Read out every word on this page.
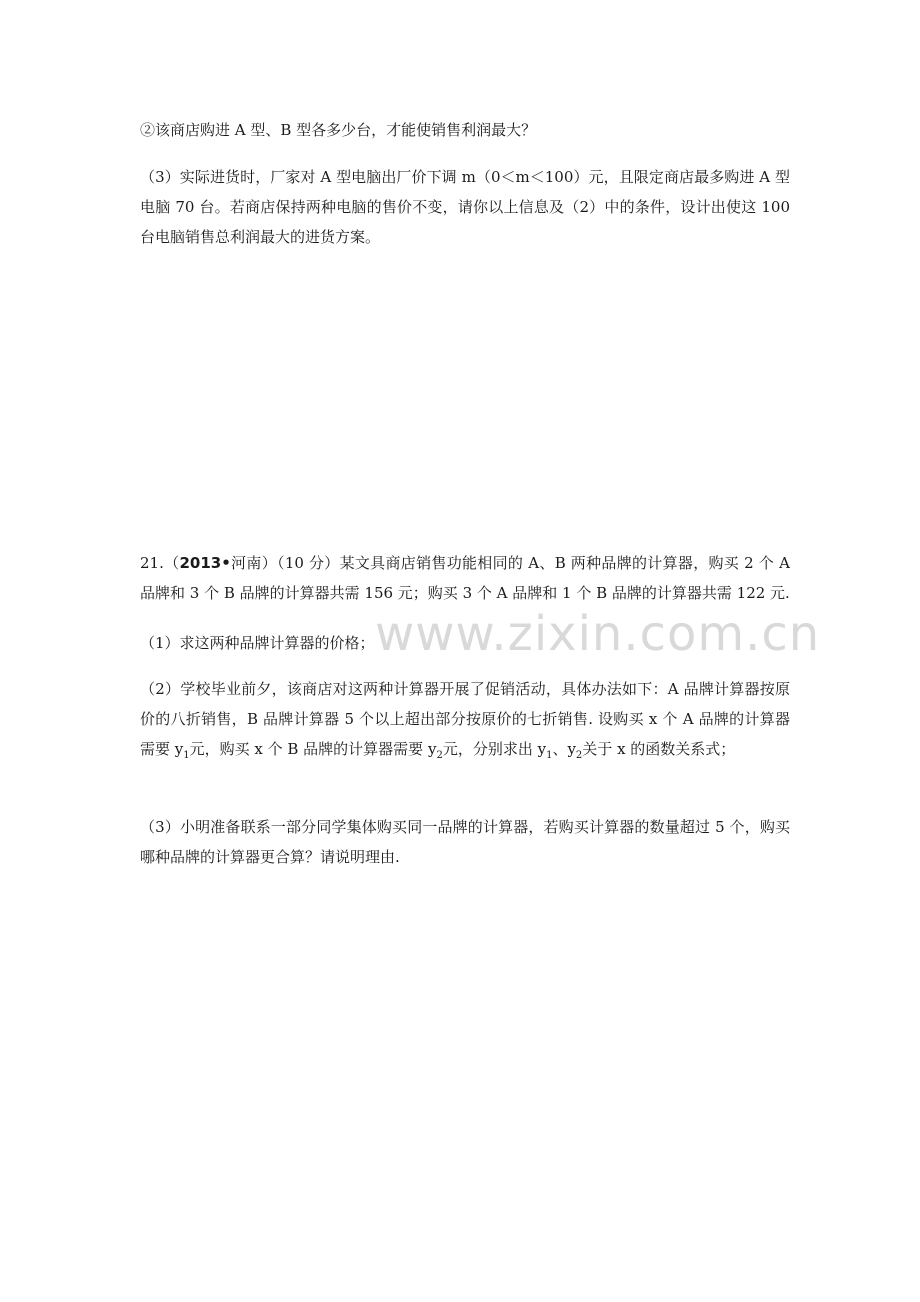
②该商店购进 A 型、B 型各多少台，才能使销售利润最大？

（3）实际进货时，厂家对 A 型电脑出厂价下调 m（0＜m＜100）元，且限定商店最多购进 A 型电脑 70 台。若商店保持两种电脑的售价不变，请你以上信息及（2）中的条件，设计出使这 100 台电脑销售总利润最大的进货方案。

www.zixin.com.cn

21.（2013•河南）（10 分）某文具商店销售功能相同的 A、B 两种品牌的计算器，购买 2 个 A 品牌和 3 个 B 品牌的计算器共需 156 元；购买 3 个 A 品牌和 1 个 B 品牌的计算器共需 122 元.

（1）求这两种品牌计算器的价格；

（2）学校毕业前夕，该商店对这两种计算器开展了促销活动，具体办法如下：A 品牌计算器按原价的八折销售，B 品牌计算器 5 个以上超出部分按原价的七折销售. 设购买 x 个 A 品牌的计算器需要 $y_1$元，购买 x 个 B 品牌的计算器需要 $y_2$元，分别求出 $y_1$、$y_2$关于 x 的函数关系式；

（3）小明准备联系一部分同学集体购买同一品牌的计算器，若购买计算器的数量超过 5 个，购买哪种品牌的计算器更合算？请说明理由.
